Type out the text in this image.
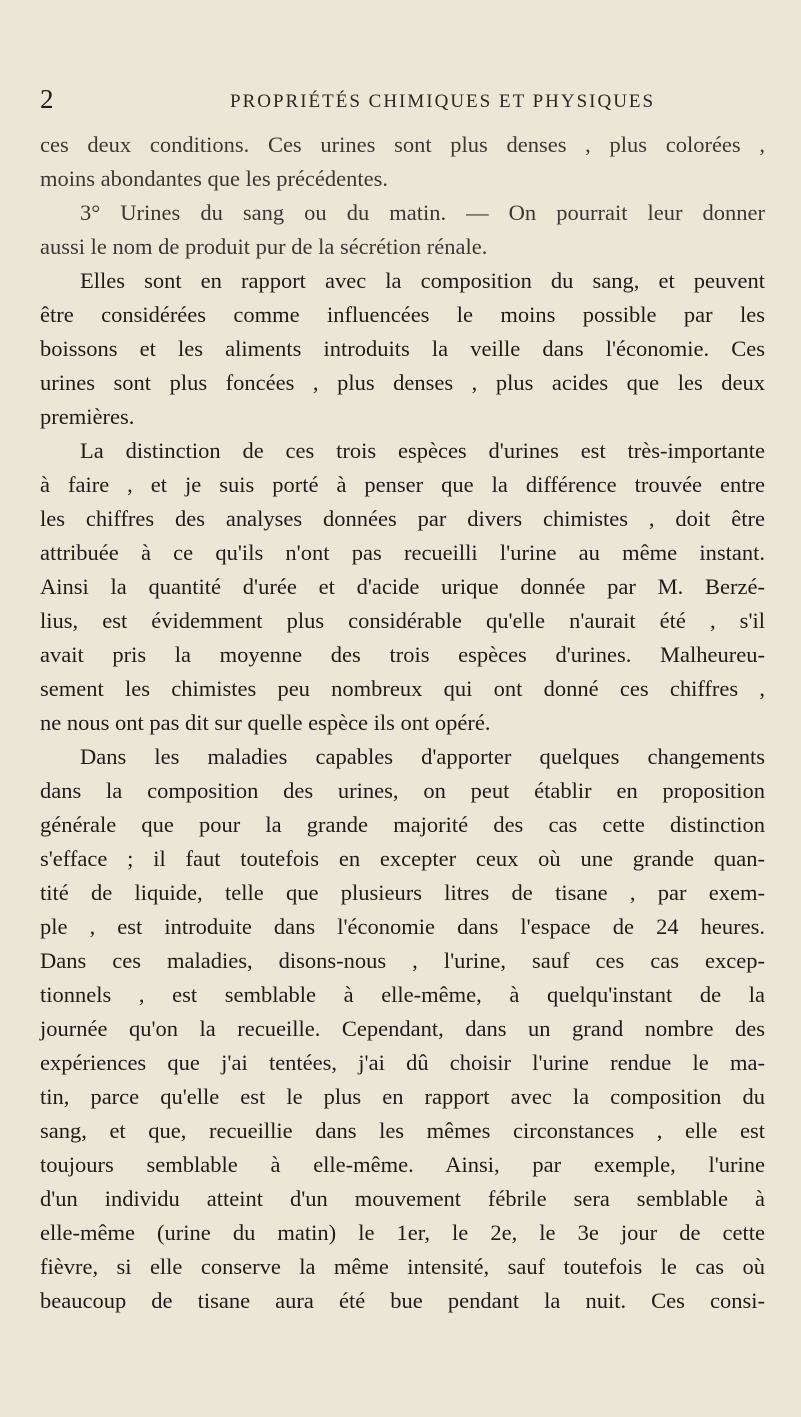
2	PROPRIÉTÉS CHIMIQUES ET PHYSIQUES
ces deux conditions. Ces urines sont plus denses , plus colorées ,
moins abondantes que les précédentes.
3° Urines du sang ou du matin. — On pourrait leur donner
aussi le nom de produit pur de la sécrétion rénale.
Elles sont en rapport avec la composition du sang, et peuvent
être considérées comme influencées le moins possible par les
boissons et les aliments introduits la veille dans l'économie. Ces
urines sont plus foncées , plus denses , plus acides que les deux
premières.
La distinction de ces trois espèces d'urines est très-importante
à faire , et je suis porté à penser que la différence trouvée entre
les chiffres des analyses données par divers chimistes , doit être
attribuée à ce qu'ils n'ont pas recueilli l'urine au même instant.
Ainsi la quantité d'urée et d'acide urique donnée par M. Berzé-
lius, est évidemment plus considérable qu'elle n'aurait été , s'il
avait pris la moyenne des trois espèces d'urines. Malheureu-
sement les chimistes peu nombreux qui ont donné ces chiffres ,
ne nous ont pas dit sur quelle espèce ils ont opéré.
Dans les maladies capables d'apporter quelques changements
dans la composition des urines, on peut établir en proposition
générale que pour la grande majorité des cas cette distinction
s'efface ; il faut toutefois en excepter ceux où une grande quan-
tité de liquide, telle que plusieurs litres de tisane , par exem-
ple , est introduite dans l'économie dans l'espace de 24 heures.
Dans ces maladies, disons-nous , l'urine, sauf ces cas excep-
tionnels , est semblable à elle-même, à quelqu'instant de la
journée qu'on la recueille. Cependant, dans un grand nombre des
expériences que j'ai tentées, j'ai dû choisir l'urine rendue le ma-
tin, parce qu'elle est le plus en rapport avec la composition du
sang, et que, recueillie dans les mêmes circonstances , elle est
toujours semblable à elle-même. Ainsi, par exemple, l'urine
d'un individu atteint d'un mouvement fébrile sera semblable à
elle-même (urine du matin) le 1er, le 2e, le 3e jour de cette
fièvre, si elle conserve la même intensité, sauf toutefois le cas où
beaucoup de tisane aura été bue pendant la nuit. Ces consi-
